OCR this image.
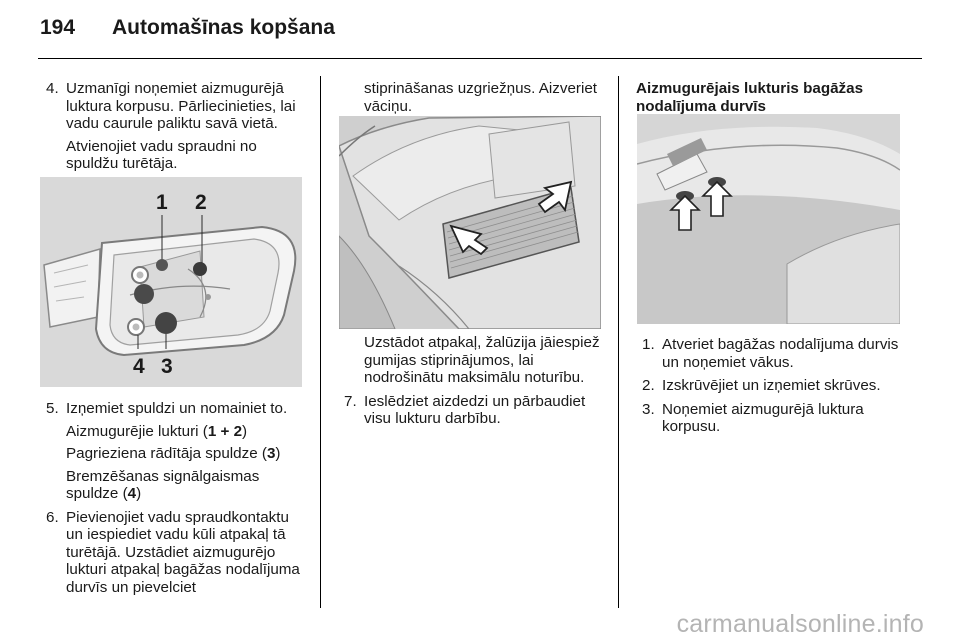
194 Automašīnas kopšana
4. Uzmanīgi noņemiet aizmugurējā luktura korpusu. Pārliecinieties, lai vadu caurule paliktu savā vietā.
Atvienojiet vadu spraudni no spuldžu turētāja.
1 2
4 3
5. Izņemiet spuldzi un nomainiet to.
Aizmugurējie lukturi (1 + 2)
Pagrieziena rādītāja spuldze (3)
Bremzēšanas signālgaismas spuldze (4)
6. Pievienojiet vadu spraudkontaktu un iespiediet vadu kūli atpakaļ tā turētājā. Uzstādiet aizmugurējo lukturi atpakaļ bagāžas nodalījuma durvīs un pievelciet
stiprināšanas uzgriežņus. Aizveriet vāciņu.
Uzstādot atpakaļ, žalūzija jāiespiež gumijas stiprinājumos, lai nodrošinātu maksimālu noturību.
7. Ieslēdziet aizdedzi un pārbaudiet visu lukturu darbību.
Aizmugurējais lukturis bagāžas nodalījuma durvīs
1. Atveriet bagāžas nodalījuma durvis un noņemiet vākus.
2. Izskrūvējiet un izņemiet skrūves.
3. Noņemiet aizmugurējā luktura korpusu.
carmanualsonline.info
